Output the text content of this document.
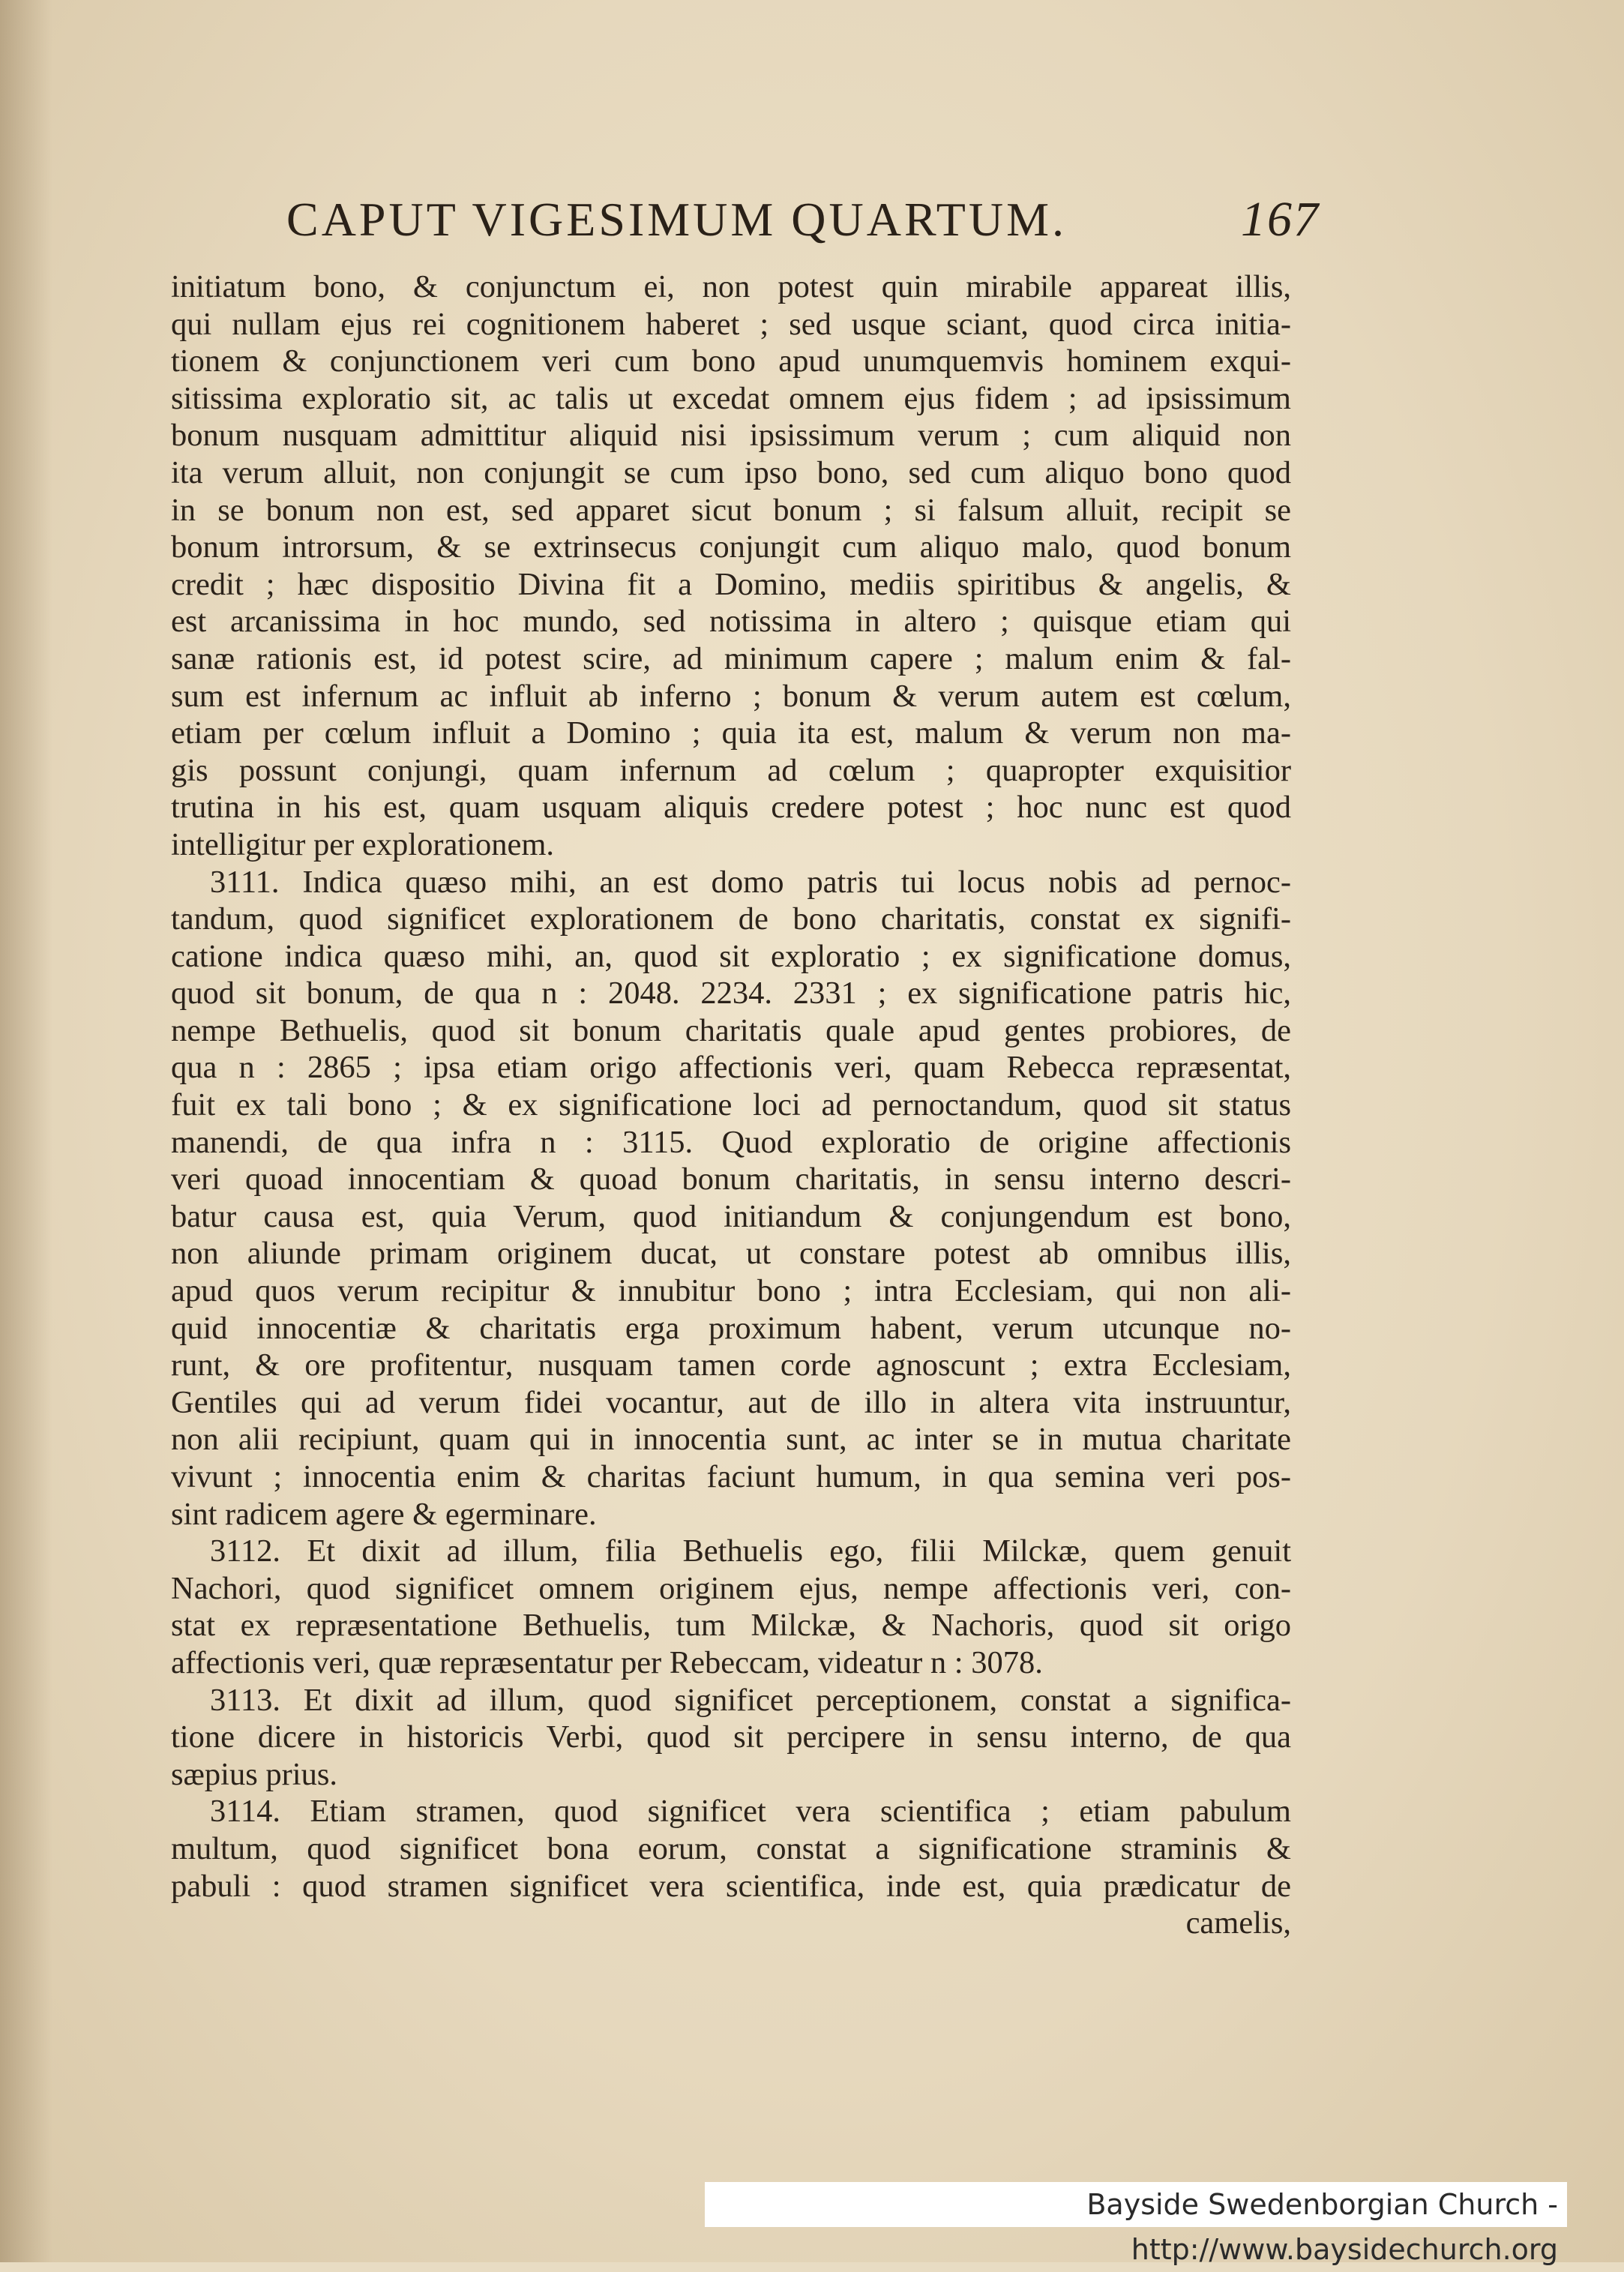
CAPUT VIGESIMUM QUARTUM.	167
initiatum bono, & conjunctum ei, non potest quin mirabile appareat illis,
qui nullam ejus rei cognitionem haberet ; sed usque sciant, quod circa initia-
tionem & conjunctionem veri cum bono apud unumquemvis hominem exqui-
sitissima exploratio sit, ac talis ut excedat omnem ejus fidem ; ad ipsissimum
bonum nusquam admittitur aliquid nisi ipsissimum verum ; cum aliquid non
ita verum alluit, non conjungit se cum ipso bono, sed cum aliquo bono quod
in se bonum non est, sed apparet sicut bonum ; si falsum alluit, recipit se
bonum introrsum, & se extrinsecus conjungit cum aliquo malo, quod bonum
credit ; hæc dispositio Divina fit a Domino, mediis spiritibus & angelis, &
est arcanissima in hoc mundo, sed notissima in altero ; quisque etiam qui
sanæ rationis est, id potest scire, ad minimum capere ; malum enim & fal-
sum est infernum ac influit ab inferno ; bonum & verum autem est cœlum,
etiam per cœlum influit a Domino ; quia ita est, malum & verum non ma-
gis possunt conjungi, quam infernum ad cœlum ; quapropter exquisitior
trutina in his est, quam usquam aliquis credere potest ; hoc nunc est quod
intelligitur per explorationem.
3111. Indica quæso mihi, an est domo patris tui locus nobis ad pernoc-
tandum, quod significet explorationem de bono charitatis, constat ex signifi-
catione indica quæso mihi, an, quod sit exploratio ; ex significatione domus,
quod sit bonum, de qua n : 2048. 2234. 2331 ; ex significatione patris hic,
nempe Bethuelis, quod sit bonum charitatis quale apud gentes probiores, de
qua n : 2865 ; ipsa etiam origo affectionis veri, quam Rebecca repræsentat,
fuit ex tali bono ; & ex significatione loci ad pernoctandum, quod sit status
manendi, de qua infra n : 3115. Quod exploratio de origine affectionis
veri quoad innocentiam & quoad bonum charitatis, in sensu interno descri-
batur causa est, quia Verum, quod initiandum & conjungendum est bono,
non aliunde primam originem ducat, ut constare potest ab omnibus illis,
apud quos verum recipitur & innubitur bono ; intra Ecclesiam, qui non ali-
quid innocentiæ & charitatis erga proximum habent, verum utcunque no-
runt, & ore profitentur, nusquam tamen corde agnoscunt ; extra Ecclesiam,
Gentiles qui ad verum fidei vocantur, aut de illo in altera vita instruuntur,
non alii recipiunt, quam qui in innocentia sunt, ac inter se in mutua charitate
vivunt ; innocentia enim & charitas faciunt humum, in qua semina veri pos-
sint radicem agere & egerminare.
3112. Et dixit ad illum, filia Bethuelis ego, filii Milckæ, quem genuit
Nachori, quod significet omnem originem ejus, nempe affectionis veri, con-
stat ex repræsentatione Bethuelis, tum Milckæ, & Nachoris, quod sit origo
affectionis veri, quæ repræsentatur per Rebeccam, videatur n : 3078.
3113. Et dixit ad illum, quod significet perceptionem, constat a significa-
tione dicere in historicis Verbi, quod sit percipere in sensu interno, de qua
sæpius prius.
3114. Etiam stramen, quod significet vera scientifica ; etiam pabulum
multum, quod significet bona eorum, constat a significatione straminis &
pabuli : quod stramen significet vera scientifica, inde est, quia prædicatur de
camelis,
Bayside Swedenborgian Church - http://www.baysidechurch.org
